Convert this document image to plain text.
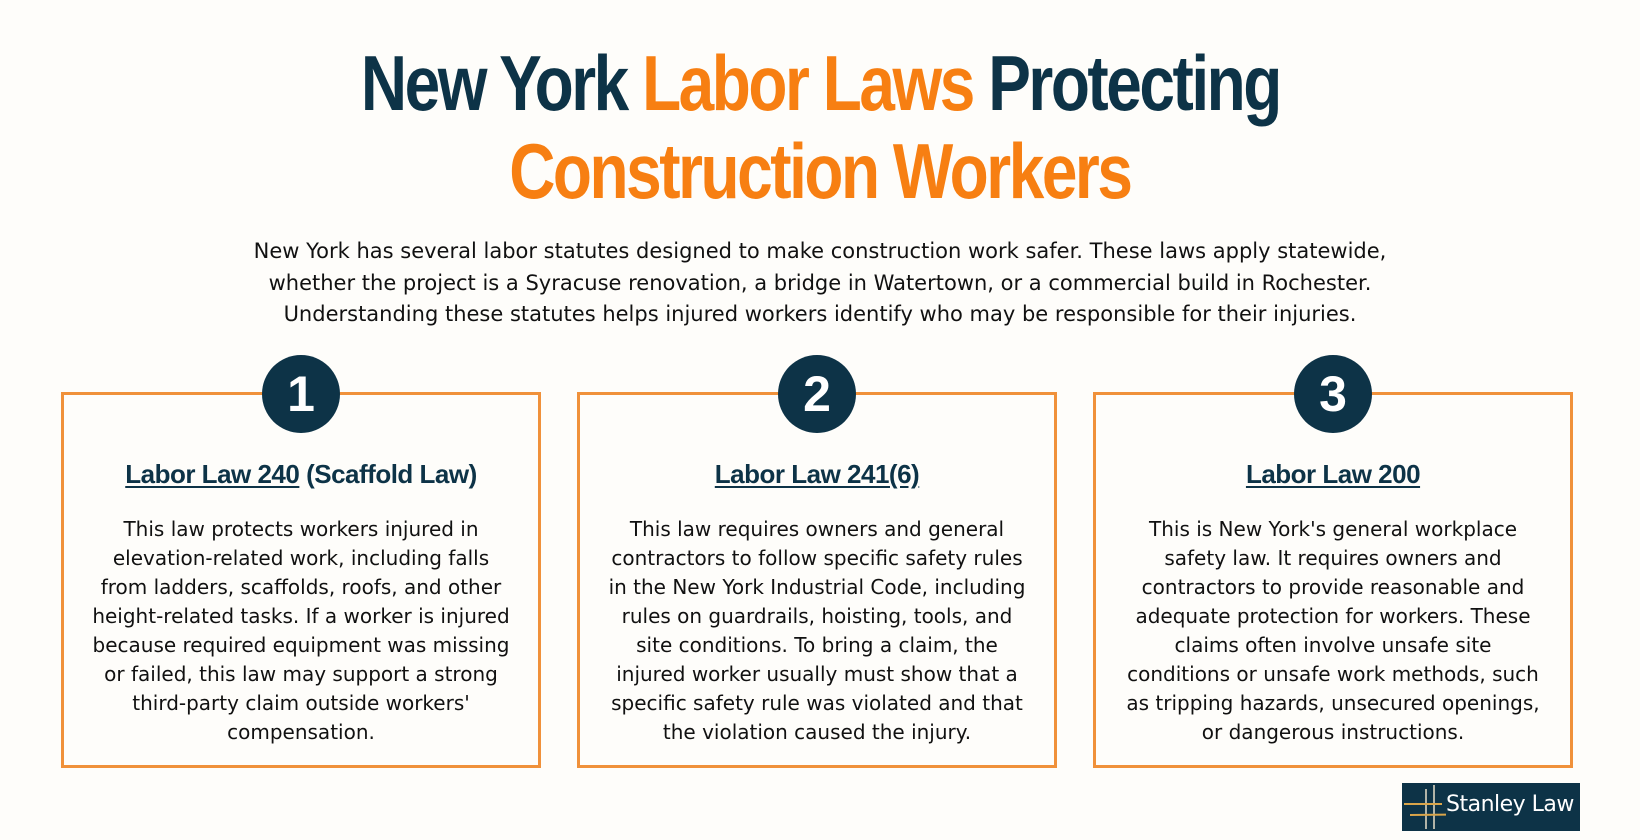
New York Labor Laws Protecting
Construction Workers
New York has several labor statutes designed to make construction work safer. These laws apply statewide,
whether the project is a Syracuse renovation, a bridge in Watertown, or a commercial build in Rochester.
Understanding these statutes helps injured workers identify who may be responsible for their injuries.
1
Labor Law 240 (Scaffold Law)
This law protects workers injured in
elevation-related work, including falls
from ladders, scaffolds, roofs, and other
height-related tasks. If a worker is injured
because required equipment was missing
or failed, this law may support a strong
third-party claim outside workers'
compensation.
2
Labor Law 241(6)
This law requires owners and general
contractors to follow specific safety rules
in the New York Industrial Code, including
rules on guardrails, hoisting, tools, and
site conditions. To bring a claim, the
injured worker usually must show that a
specific safety rule was violated and that
the violation caused the injury.
3
Labor Law 200
This is New York's general workplace
safety law. It requires owners and
contractors to provide reasonable and
adequate protection for workers. These
claims often involve unsafe site
conditions or unsafe work methods, such
as tripping hazards, unsecured openings,
or dangerous instructions.
Stanley Law
